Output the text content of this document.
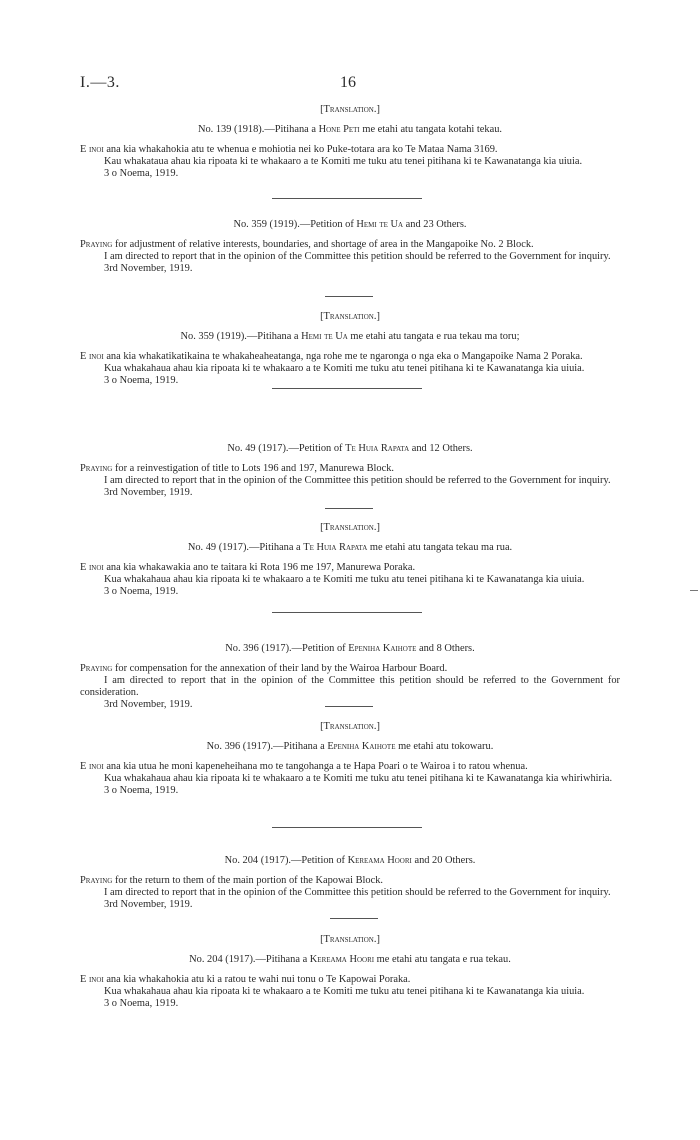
I.—3.	16
[Translation.]
No. 139 (1918).—Pitihana a Hone Peti me etahi atu tangata kotahi tekau.

E inoi ana kia whakahokia atu te whenua e mohiotia nei ko Puke-totara ara ko Te Mataa Nama 3169.

Kau whakataua ahau kia ripoata ki te whakaaro a te Komiti me tuku atu tenei pitihana ki te Kawanatanga kia uiuia.

3 o Noema, 1919.

No. 359 (1919).—Petition of Hemi te Ua and 23 Others.

Praying for adjustment of relative interests, boundaries, and shortage of area in the Mangapoike No. 2 Block.

I am directed to report that in the opinion of the Committee this petition should be referred to the Government for inquiry.

3rd November, 1919.

[Translation.]
No. 359 (1919).—Pitihana a Hemi te Ua me etahi atu tangata e rua tekau ma toru;

E inoi ana kia whakatikatikaina te whakaheaheatanga, nga rohe me te ngaronga o nga eka o Mangapoike Nama 2 Poraka.

Kua whakahaua ahau kia ripoata ki te whakaaro a te Komiti me tuku atu tenei pitihana ki te Kawanatanga kia uiuia.

3 o Noema, 1919.

No. 49 (1917).—Petition of Te Huia Rapata and 12 Others.

Praying for a reinvestigation of title to Lots 196 and 197, Manurewa Block.

I am directed to report that in the opinion of the Committee this petition should be referred to the Government for inquiry.

3rd November, 1919.

[Translation.]
No. 49 (1917).—Pitihana a Te Huia Rapata me etahi atu tangata tekau ma rua.

E inoi ana kia whakawakia ano te taitara ki Rota 196 me 197, Manurewa Poraka.

Kua whakahaua ahau kia ripoata ki te whakaaro a te Komiti me tuku atu tenei pitihana ki te Kawanatanga kia uiuia.

3 o Noema, 1919.

No. 396 (1917).—Petition of Epeniha Kaihote and 8 Others.

Praying for compensation for the annexation of their land by the Wairoa Harbour Board.

I am directed to report that in the opinion of the Committee this petition should be referred to the Government for consideration.

3rd November, 1919.

[Translation.]
No. 396 (1917).—Pitihana a Epeniha Kaihote me etahi atu tokowaru.

E inoi ana kia utua he moni kapeneheihana mo te tangohanga a te Hapa Poari o te Wairoa i to ratou whenua.

Kua whakahaua ahau kia ripoata ki te whakaaro a te Komiti me tuku atu tenei pitihana ki te Kawanatanga kia whiriwhiria.

3 o Noema, 1919.

No. 204 (1917).—Petition of Kereama Hoori and 20 Others.

Praying for the return to them of the main portion of the Kapowai Block.

I am directed to report that in the opinion of the Committee this petition should be referred to the Government for inquiry.

3rd November, 1919.

[Translation.]
No. 204 (1917).—Pitihana a Kereama Hoori me etahi atu tangata e rua tekau.

E inoi ana kia whakahokia atu ki a ratou te wahi nui tonu o Te Kapowai Poraka.

Kua whakahaua ahau kia ripoata ki te whakaaro a te Komiti me tuku atu tenei pitihana ki te Kawanatanga kia uiuia.

3 o Noema, 1919.
